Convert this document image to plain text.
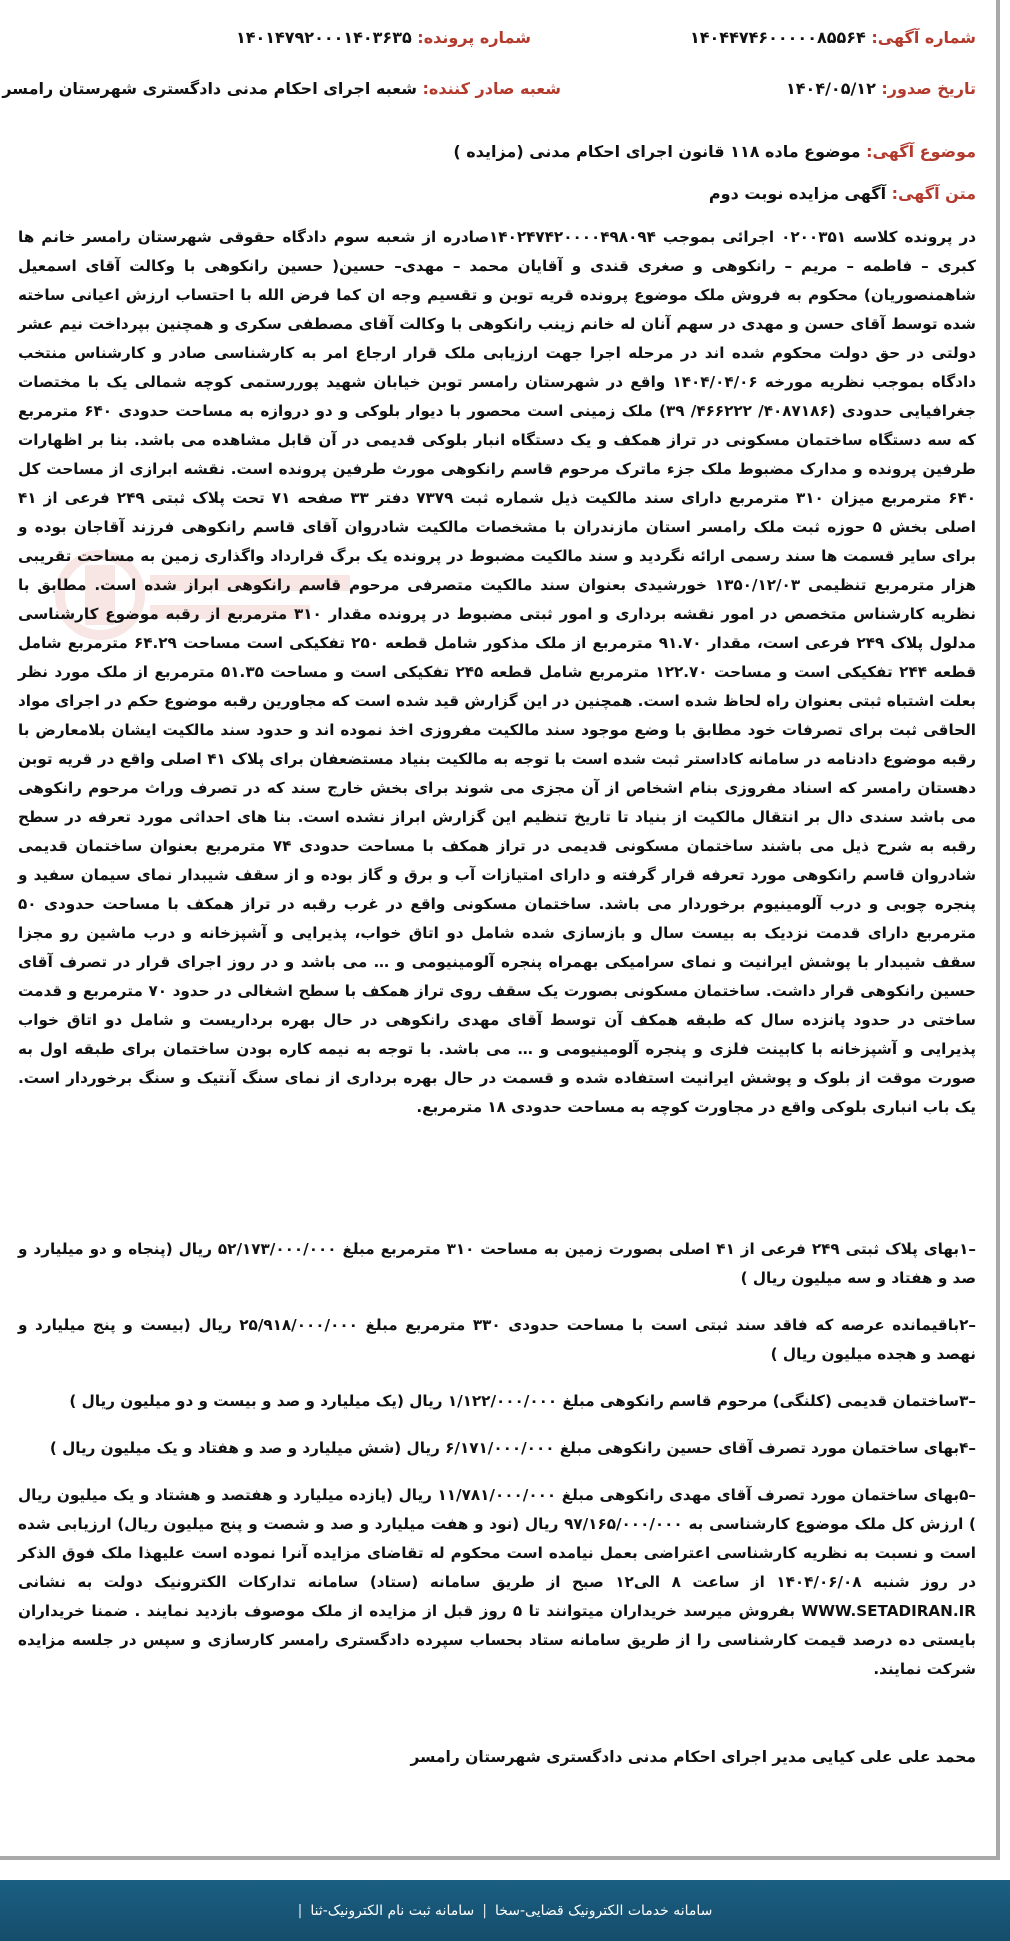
شماره آگهی: ۱۴۰۴۴۷۴۶۰۰۰۰۰۸۵۵۶۴
شماره پرونده: ۱۴۰۱۴۷۹۲۰۰۰۱۴۰۳۶۳۵
تاریخ صدور: ۱۴۰۴/۰۵/۱۲
شعبه صادر کننده: شعبه اجرای احکام مدنی دادگستری شهرستان رامسر
موضوع آگهی: موضوع ماده ۱۱۸ قانون اجرای احکام مدنی (مزایده )
متن آگهی: آگهی مزایده نوبت دوم

در پرونده کلاسه ۰۲۰۰۳۵۱ اجرائی بموجب ۱۴۰۲۴۷۴۲۰۰۰۰۴۹۸۰۹۴صادره از شعبه سوم دادگاه حقوقی شهرستان رامسر خانم ها کبری – فاطمه – مریم – رانکوهی و صغری قندی و آقایان محمد – مهدی– حسین( حسین رانکوهی با وکالت آقای اسمعیل شاهمنصوریان) محکوم به فروش ملک موضوع پرونده قریه توبن و تقسیم وجه ان کما فرض الله با احتساب ارزش اعیانی ساخته شده توسط آقای حسن و مهدی در سهم آنان له خانم زینب رانکوهی با وکالت آقای مصطفی سکری و همچنین بپرداخت نیم عشر دولتی در حق دولت محکوم شده اند در مرحله اجرا جهت ارزیابی ملک قرار ارجاع امر به کارشناسی صادر و کارشناس منتخب دادگاه بموجب نظریه مورخه ۱۴۰۴/۰۴/۰۶ واقع در شهرستان رامسر توبن خیابان شهید پوررستمی کوچه شمالی یک با مختصات جغرافیایی حدودی (۴۰۸۷۱۸۶/ ۴۶۶۲۲۲/ ۳۹) ملک زمینی است محصور با دیوار بلوکی و دو دروازه به مساحت حدودی ۶۴۰ مترمربع که سه دستگاه ساختمان مسکونی در تراز همکف و یک دستگاه انبار بلوکی قدیمی در آن قابل مشاهده می باشد. بنا بر اظهارات طرفین پرونده و مدارک مضبوط ملک جزء ماترک مرحوم قاسم رانکوهی مورث طرفین پرونده است. نقشه ابرازی از مساحت کل ۶۴۰ مترمربع میزان ۳۱۰ مترمربع دارای سند مالکیت ذیل شماره ثبت ۷۳۷۹ دفتر ۳۳ صفحه ۷۱ تحت پلاک ثبتی ۲۴۹ فرعی از ۴۱ اصلی بخش ۵ حوزه ثبت ملک رامسر استان مازندران با مشخصات مالکیت شادروان آقای قاسم رانکوهی فرزند آقاجان بوده و برای سایر قسمت ها سند رسمی ارائه نگردید و سند مالکیت مضبوط در پرونده یک برگ قرارداد واگذاری زمین به مساحت تقریبی هزار مترمربع تنظیمی ۱۳۵۰/۱۲/۰۳ خورشیدی بعنوان سند مالکیت متصرفی مرحوم قاسم رانکوهی ابراز شده است. مطابق با نظریه کارشناس متخصص در امور نقشه برداری و امور ثبتی مضبوط در پرونده مقدار ۳۱۰ مترمربع از رقبه موضوع کارشناسی مدلول پلاک ۲۴۹ فرعی است، مقدار ۹۱.۷۰ مترمربع از ملک مذکور شامل قطعه ۲۵۰ تفکیکی است مساحت ۶۴.۲۹ مترمربع شامل قطعه ۲۴۴ تفکیکی است و مساحت ۱۲۲.۷۰ مترمربع شامل قطعه ۲۴۵ تفکیکی است و مساحت ۵۱.۳۵ مترمربع از ملک مورد نظر بعلت اشتباه ثبتی بعنوان راه لحاظ شده است. همچنین در این گزارش قید شده است که مجاورین رقبه موضوع حکم در اجرای مواد الحاقی ثبت برای تصرفات خود مطابق با وضع موجود سند مالکیت مفروزی اخذ نموده اند و حدود سند مالکیت ایشان بلامعارض با رقبه موضوع دادنامه در سامانه کاداستر ثبت شده است با توجه به مالکیت بنیاد مستضعفان برای پلاک ۴۱ اصلی واقع در قریه توبن دهستان رامسر که اسناد مفروزی بنام اشخاص از آن مجزی می شوند برای بخش خارج سند که در تصرف وراث مرحوم رانکوهی می باشد سندی دال بر انتقال مالکیت از بنیاد تا تاریخ تنظیم این گزارش ابراز نشده است. بنا های احداثی مورد تعرفه در سطح رقبه به شرح ذیل می باشند ساختمان مسکونی قدیمی در تراز همکف با مساحت حدودی ۷۴ مترمربع بعنوان ساختمان قدیمی شادروان قاسم رانکوهی مورد تعرفه قرار گرفته و دارای امتیازات آب و برق و گاز بوده و از سقف شیبدار نمای سیمان سفید و پنجره چوبی و درب آلومینیوم برخوردار می باشد. ساختمان مسکونی واقع در غرب رقبه در تراز همکف با مساحت حدودی ۵۰ مترمربع دارای قدمت نزدیک به بیست سال و بازسازی شده شامل دو اتاق خواب، پذیرایی و آشپزخانه و درب ماشین رو مجزا سقف شیبدار با پوشش ایرانیت و نمای سرامیکی بهمراه پنجره آلومینیومی و … می باشد و در روز اجرای قرار در تصرف آقای حسین رانکوهی قرار داشت. ساختمان مسکونی بصورت یک سقف روی تراز همکف با سطح اشغالی در حدود ۷۰ مترمربع و قدمت ساختی در حدود پانزده سال که طبقه همکف آن توسط آقای مهدی رانکوهی در حال بهره برداریست و شامل دو اتاق خواب پذیرایی و آشپزخانه با کابینت فلزی و پنجره آلومینیومی و … می باشد. با توجه به نیمه کاره بودن ساختمان برای طبقه اول به صورت موقت از بلوک و پوشش ایرانیت استفاده شده و قسمت در حال بهره برداری از نمای سنگ آنتیک و سنگ برخوردار است. یک باب انباری بلوکی واقع در مجاورت کوچه به مساحت حدودی ۱۸ مترمربع.

–۱بهای پلاک ثبتی ۲۴۹ فرعی از ۴۱ اصلی بصورت زمین به مساحت ۳۱۰ مترمربع مبلغ ۵۲/۱۷۳/۰۰۰/۰۰۰ ریال (پنجاه و دو میلیارد و صد و هفتاد و سه میلیون ریال )

–۲باقیمانده عرصه که فاقد سند ثبتی است با مساحت حدودی ۳۳۰ مترمربع مبلغ ۲۵/۹۱۸/۰۰۰/۰۰۰ ریال (بیست و پنج میلیارد و نهصد و هجده میلیون ریال )

–۳ساختمان قدیمی (کلنگی) مرحوم قاسم رانکوهی مبلغ ۱/۱۲۲/۰۰۰/۰۰۰ ریال (یک میلیارد و صد و بیست و دو میلیون ریال )

–۴بهای ساختمان مورد تصرف آقای حسین رانکوهی مبلغ ۶/۱۷۱/۰۰۰/۰۰۰ ریال (شش میلیارد و صد و هفتاد و یک میلیون ریال )

–۵بهای ساختمان مورد تصرف آقای مهدی رانکوهی مبلغ ۱۱/۷۸۱/۰۰۰/۰۰۰ ریال (یازده میلیارد و هفتصد و هشتاد و یک میلیون ریال ) ارزش کل ملک موضوع کارشناسی به ۹۷/۱۶۵/۰۰۰/۰۰۰ ریال (نود و هفت میلیارد و صد و شصت و پنج میلیون ریال) ارزیابی شده است و نسبت به نظریه کارشناسی اعتراضی بعمل نیامده است محکوم له تقاضای مزایده آنرا نموده است علیهذا ملک فوق الذکر در روز شنبه ۱۴۰۴/۰۶/۰۸ از ساعت ۸ الی۱۲ صبح از طریق سامانه (ستاد) سامانه تدارکات الکترونیک دولت به نشانی WWW.SETADIRAN.IR بفروش میرسد خریداران میتوانند تا ۵ روز قبل از مزایده از ملک موصوف بازدید نمایند . ضمنا خریداران بایستی ده درصد قیمت کارشناسی را از طریق سامانه ستاد بحساب سپرده دادگستری رامسر کارسازی و سپس در جلسه مزایده شرکت نمایند.

محمد علی علی کیایی مدیر اجرای احکام مدنی دادگستری شهرستان رامسر
سامانه خدمات الکترونیک قضایی-سخا
|
سامانه ثبت نام الکترونیک-ثنا
|
